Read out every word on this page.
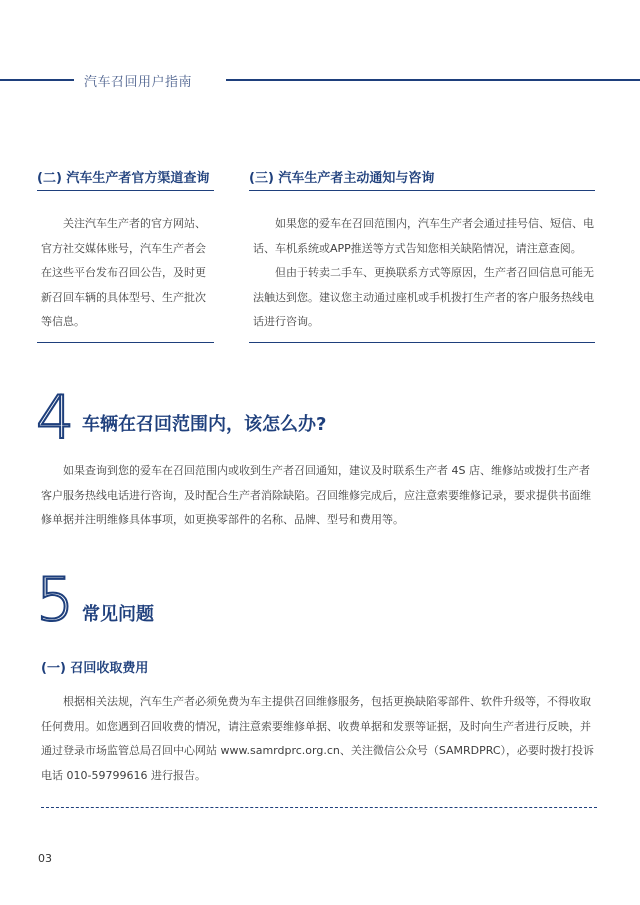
汽车召回用户指南
(二) 汽车生产者官方渠道查询

关注汽车生产者的官方网站、官方社交媒体账号，汽车生产者会在这些平台发布召回公告，及时更新召回车辆的具体型号、生产批次等信息。

(三) 汽车生产者主动通知与咨询

如果您的爱车在召回范围内，汽车生产者会通过挂号信、短信、电话、车机系统或APP推送等方式告知您相关缺陷情况，请注意查阅。

但由于转卖二手车、更换联系方式等原因，生产者召回信息可能无法触达到您。建议您主动通过座机或手机拨打生产者的客户服务热线电话进行咨询。

4 车辆在召回范围内，该怎么办?

如果查询到您的爱车在召回范围内或收到生产者召回通知，建议及时联系生产者 4S 店、维修站或拨打生产者客户服务热线电话进行咨询，及时配合生产者消除缺陷。召回维修完成后，应注意索要维修记录，要求提供书面维修单据并注明维修具体事项，如更换零部件的名称、品牌、型号和费用等。

5 常见问题
(一) 召回收取费用

根据相关法规，汽车生产者必须免费为车主提供召回维修服务，包括更换缺陷零部件、软件升级等，不得收取任何费用。如您遇到召回收费的情况，请注意索要维修单据、收费单据和发票等证据，及时向生产者进行反映，并通过登录市场监管总局召回中心网站 www.samrdprc.org.cn、关注微信公众号（SAMRDPRC），必要时拨打投诉电话 010-59799616 进行报告。

03
